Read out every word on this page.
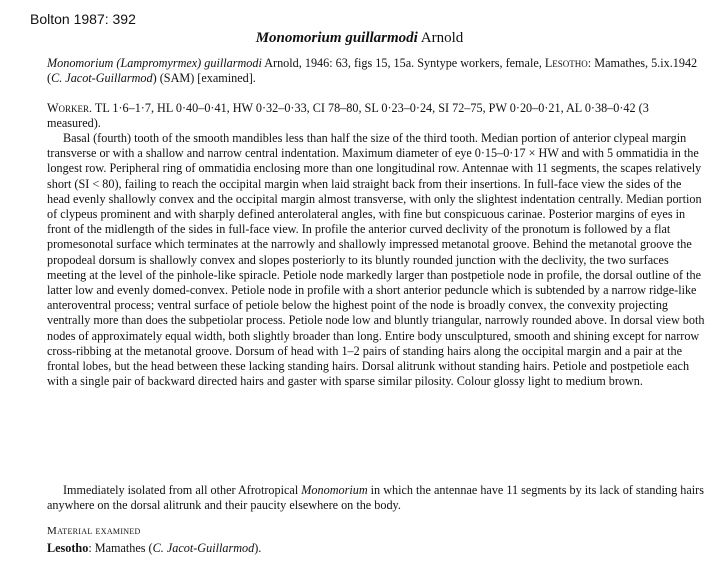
Bolton 1987: 392
Monomorium guillarmodi Arnold

Monomorium (Lampromyrmex) guillarmodi Arnold, 1946: 63, figs 15, 15a. Syntype workers, female, Lesotho: Mamathes, 5.ix.1942 (C. Jacot-Guillarmod) (SAM) [examined].

Worker. TL 1·6–1·7, HL 0·40–0·41, HW 0·32–0·33, CI 78–80, SL 0·23–0·24, SI 72–75, PW 0·20–0·21, AL 0·38–0·42 (3 measured).

Basal (fourth) tooth of the smooth mandibles less than half the size of the third tooth. Median portion of anterior clypeal margin transverse or with a shallow and narrow central indentation. Maximum diameter of eye 0·15–0·17 × HW and with 5 ommatidia in the longest row. Peripheral ring of ommatidia enclosing more than one longitudinal row. Antennae with 11 segments, the scapes relatively short (SI < 80), failing to reach the occipital margin when laid straight back from their insertions. In full-face view the sides of the head evenly shallowly convex and the occipital margin almost transverse, with only the slightest indentation centrally. Median portion of clypeus prominent and with sharply defined anterolateral angles, with fine but conspicuous carinae. Posterior margins of eyes in front of the midlength of the sides in full-face view. In profile the anterior curved declivity of the pronotum is followed by a flat promesonotal surface which terminates at the narrowly and shallowly impressed metanotal groove. Behind the metanotal groove the propodeal dorsum is shallowly convex and slopes posteriorly to its bluntly rounded junction with the declivity, the two surfaces meeting at the level of the pinhole-like spiracle. Petiole node markedly larger than postpetiole node in profile, the dorsal outline of the latter low and evenly domed-convex. Petiole node in profile with a short anterior peduncle which is subtended by a narrow ridge-like anteroventral process; ventral surface of petiole below the highest point of the node is broadly convex, the convexity projecting ventrally more than does the subpetiolar process. Petiole node low and bluntly triangular, narrowly rounded above. In dorsal view both nodes of approximately equal width, both slightly broader than long. Entire body unsculptured, smooth and shining except for narrow cross-ribbing at the metanotal groove. Dorsum of head with 1–2 pairs of standing hairs along the occipital margin and a pair at the frontal lobes, but the head between these lacking standing hairs. Dorsal alitrunk without standing hairs. Petiole and postpetiole each with a single pair of backward directed hairs and gaster with sparse similar pilosity. Colour glossy light to medium brown.

Immediately isolated from all other Afrotropical Monomorium in which the antennae have 11 segments by its lack of standing hairs anywhere on the dorsal alitrunk and their paucity elsewhere on the body.

Material examined
Lesotho: Mamathes (C. Jacot-Guillarmod).
